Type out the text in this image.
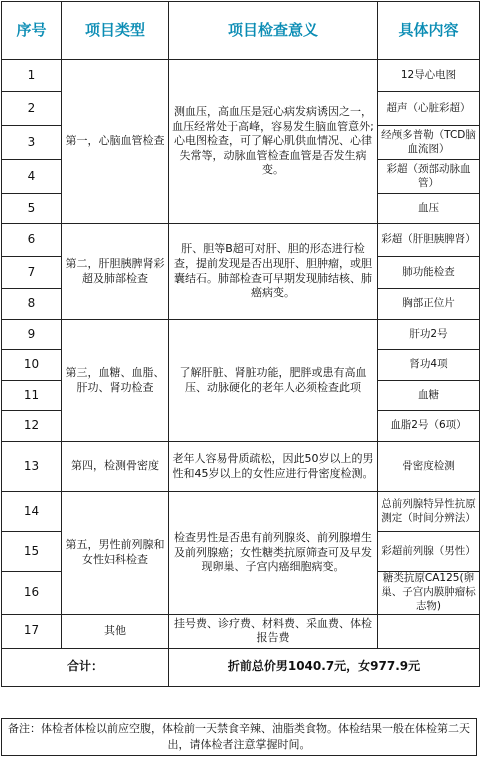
序号	项目类型	项目检查意义	具体内容
1	第一，心脑血管检查	测血压，高血压是冠心病发病诱因之一，血压经常处于高峰，容易发生脑血管意外;心电图检查，可了解心肌供血情况、心律失常等，动脉血管检查血管是否发生病变。	12导心电图
2			超声（心脏彩超）
3			经颅多普勒（TCD脑血流图）
4			彩超（颈部动脉血管）
5			血压
6	第二，肝胆胰脾肾彩超及肺部检查	肝、胆等B超可对肝、胆的形态进行检查，提前发现是否出现肝、胆肿瘤，或胆囊结石。肺部检查可早期发现肺结核、肺癌病变。	彩超（肝胆胰脾肾）
7			肺功能检查
8			胸部正位片
9	第三，血糖、血脂、肝功、肾功检查	了解肝脏、肾脏功能，肥胖或患有高血压、动脉硬化的老年人必须检查此项	肝功2号
10			肾功4项
11			血糖
12			血脂2号（6项）
13	第四，检测骨密度	老年人容易骨质疏松，因此50岁以上的男性和45岁以上的女性应进行骨密度检测。	骨密度检测
14	第五，男性前列腺和女性妇科检查	检查男性是否患有前列腺炎、前列腺增生及前列腺癌；女性糖类抗原筛查可及早发现卵巢、子宫内癌细胞病变。	总前列腺特异性抗原测定（时间分辨法）
15			彩超前列腺（男性）
16			糖类抗原CA125(卵巢、子宫内膜肿瘤标志物)
17	其他	挂号费、诊疗费、材料费、采血费、体检报告费	
合计：		折前总价男1040.7元，女977.9元	
备注：体检者体检以前应空腹，体检前一天禁食辛辣、油脂类食物。体检结果一般在体检第二天出，请体检者注意掌握时间。
